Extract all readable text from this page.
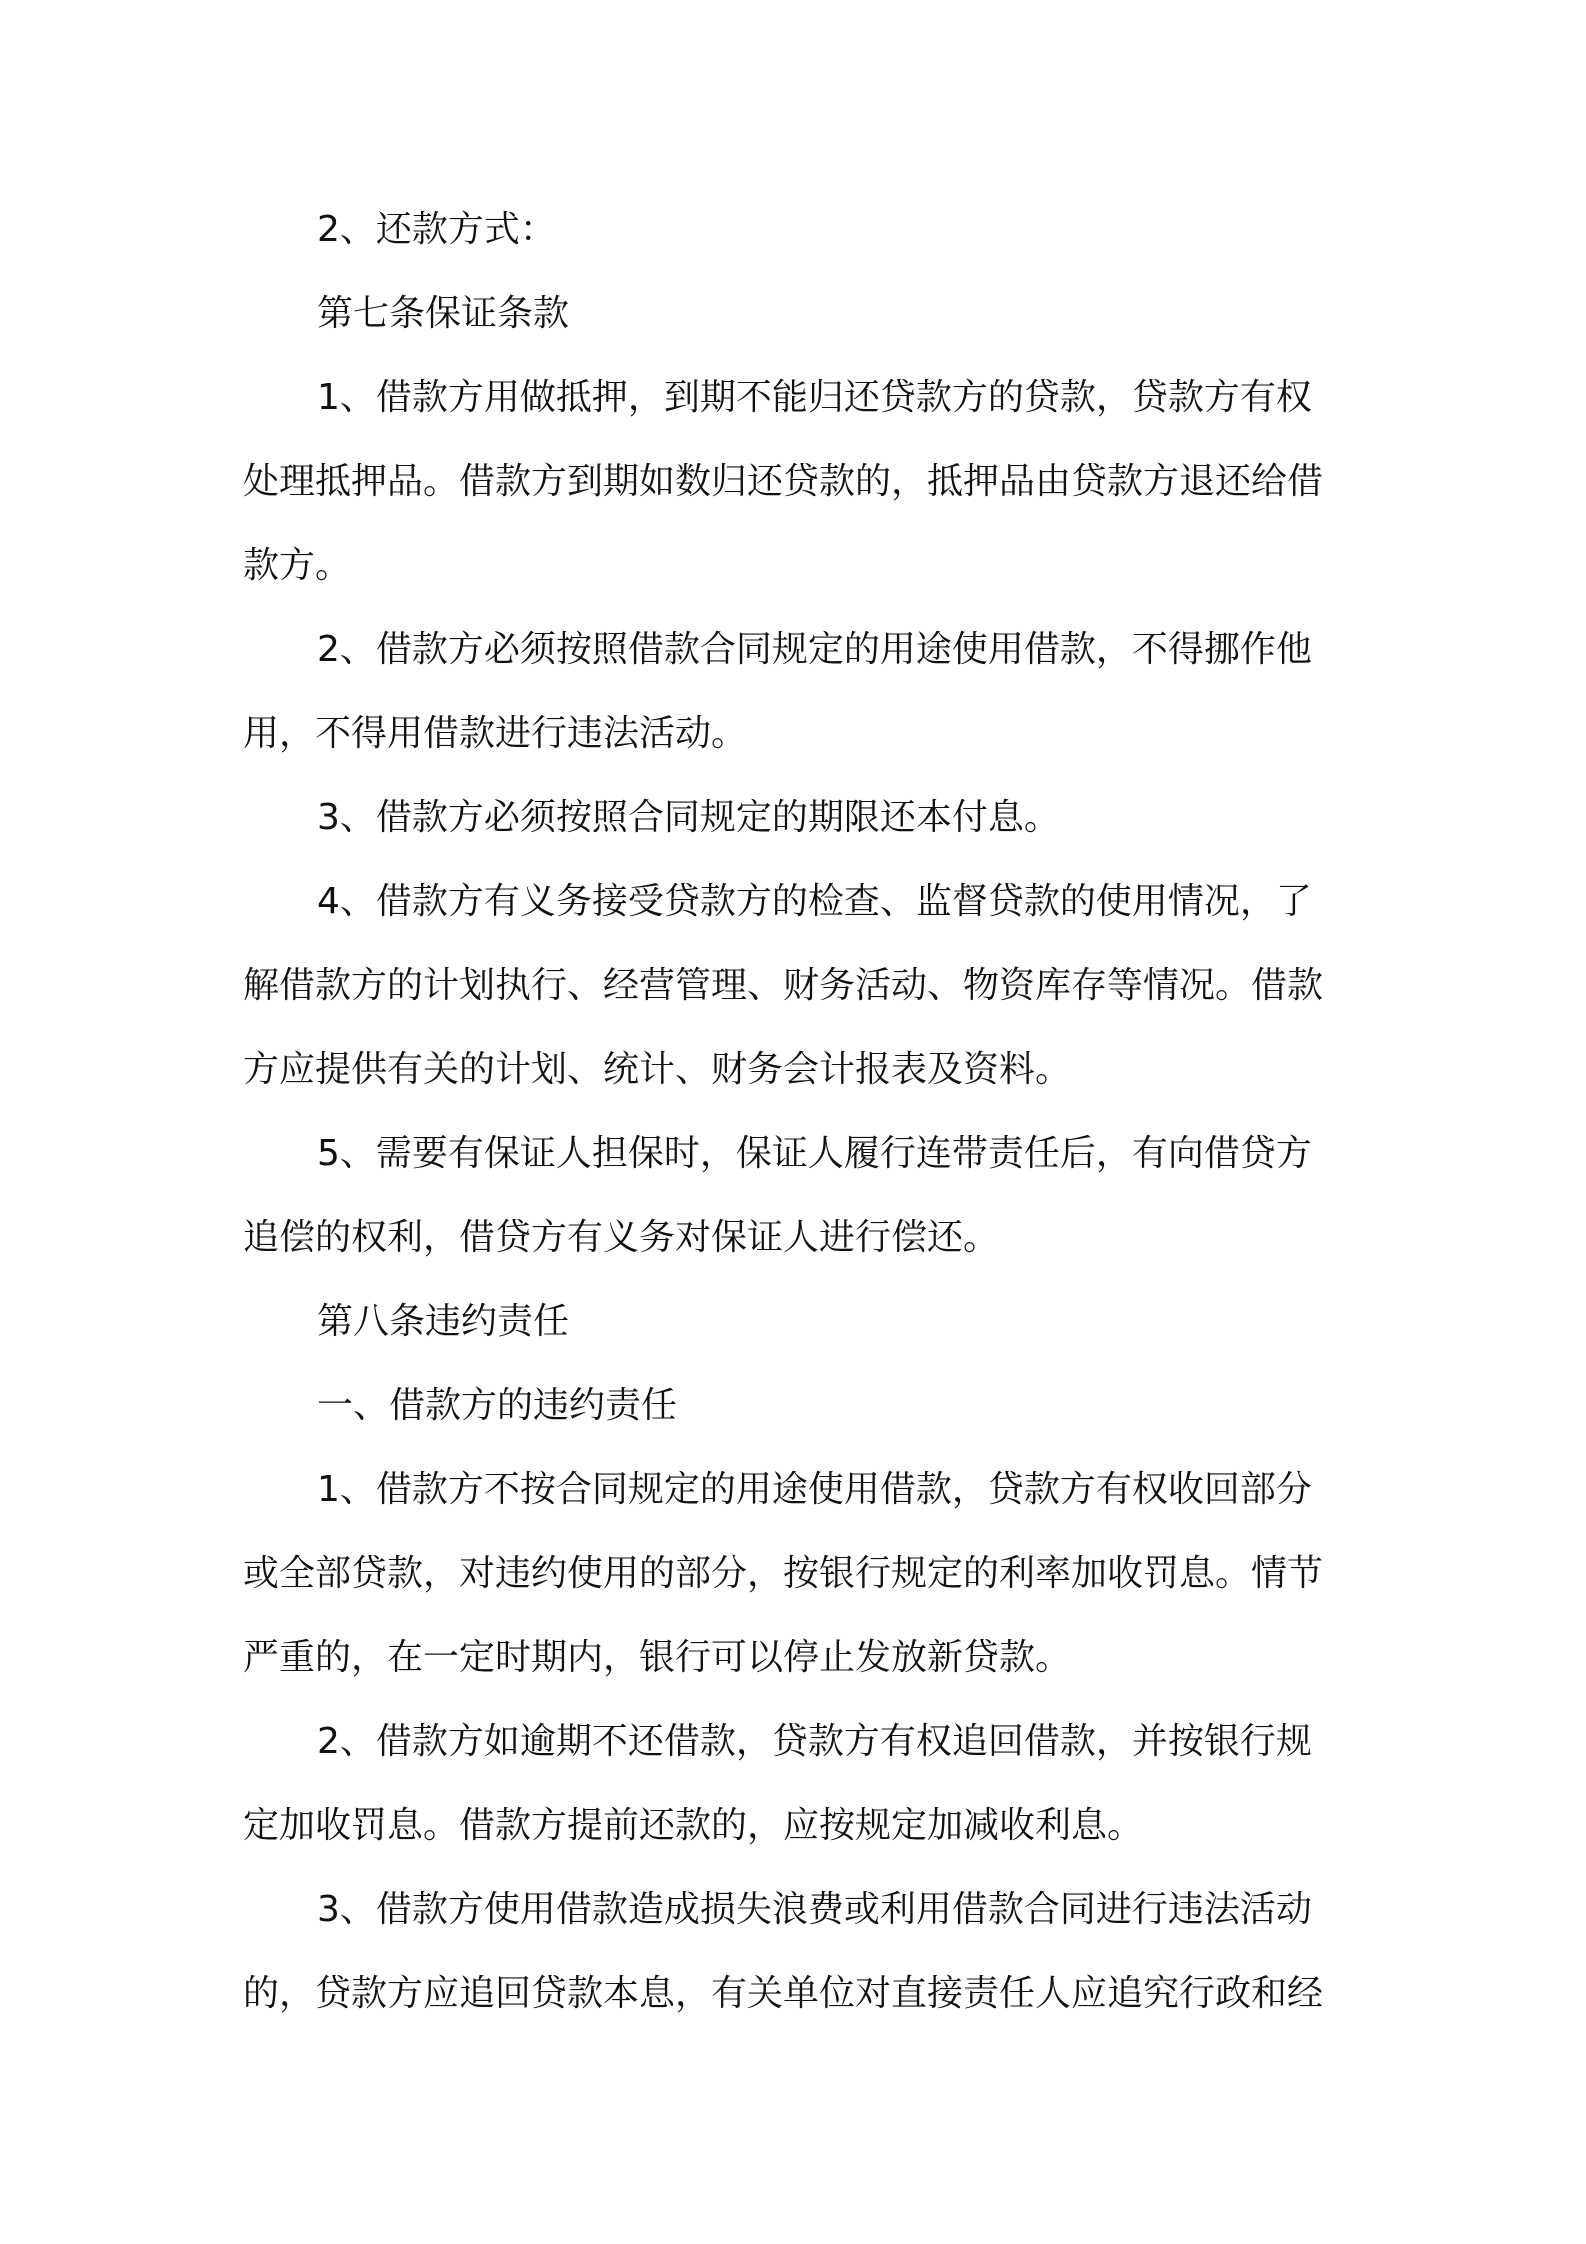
2、还款方式：
第七条保证条款
1、借款方用做抵押，到期不能归还贷款方的贷款，贷款方有权
处理抵押品。借款方到期如数归还贷款的，抵押品由贷款方退还给借
款方。
2、借款方必须按照借款合同规定的用途使用借款，不得挪作他
用，不得用借款进行违法活动。
3、借款方必须按照合同规定的期限还本付息。
4、借款方有义务接受贷款方的检查、监督贷款的使用情况，了
解借款方的计划执行、经营管理、财务活动、物资库存等情况。借款
方应提供有关的计划、统计、财务会计报表及资料。
5、需要有保证人担保时，保证人履行连带责任后，有向借贷方
追偿的权利，借贷方有义务对保证人进行偿还。
第八条违约责任
一、借款方的违约责任
1、借款方不按合同规定的用途使用借款，贷款方有权收回部分
或全部贷款，对违约使用的部分，按银行规定的利率加收罚息。情节
严重的，在一定时期内，银行可以停止发放新贷款。
2、借款方如逾期不还借款，贷款方有权追回借款，并按银行规
定加收罚息。借款方提前还款的，应按规定加减收利息。
3、借款方使用借款造成损失浪费或利用借款合同进行违法活动
的，贷款方应追回贷款本息，有关单位对直接责任人应追究行政和经
